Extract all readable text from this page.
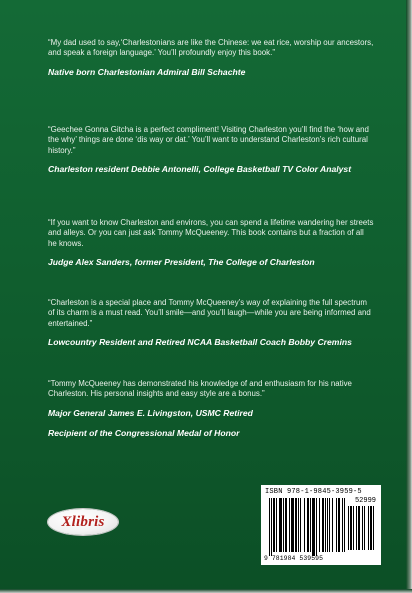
“My dad used to say,‘Charlestonians are like the Chinese: we eat rice, worship our ancestors, and speak a foreign language.’ You’ll profoundly enjoy this book.”

Native born Charlestonian Admiral Bill Schachte

“Geechee Gonna Gitcha is a perfect compliment! Visiting Charleston you’ll find the ‘how and the why’ things are done ‘dis way or dat.’ You’ll want to understand Charleston’s rich cultural history.”

Charleston resident Debbie Antonelli, College Basketball TV Color Analyst

“If you want to know Charleston and environs, you can spend a lifetime wandering her streets and alleys. Or you can just ask Tommy McQueeney. This book contains but a fraction of all he knows.

Judge Alex Sanders, former President, The College of Charleston

“Charleston is a special place and Tommy McQueeney’s way of explaining the full spectrum of its charm is a must read. You’ll smile—and you’ll laugh—while you are being informed and entertained.”

Lowcountry Resident and Retired NCAA Basketball Coach Bobby Cremins

“Tommy McQueeney has demonstrated his knowledge of and enthusiasm for his native Charleston. His personal insights and easy style are a bonus.”

Major General James E. Livingston, USMC Retired

Recipient of the Congressional Medal of Honor

Xlibris
ISBN 978-1-9845-3959-5
52999
9 781984 539595
